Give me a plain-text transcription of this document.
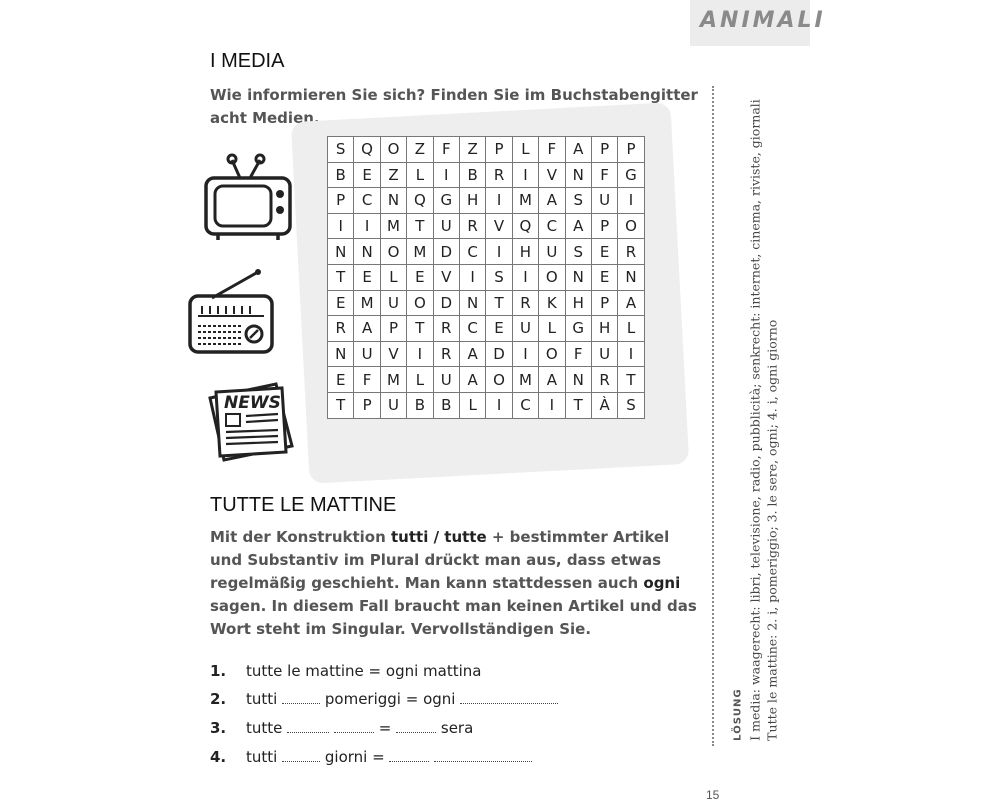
ANIMALI
I MEDIA

Wie informieren Sie sich? Finden Sie im Buchstabengitter acht Medien.

NEWS
S	Q	O	Z	F	Z	P	L	F	A	P	P
B	E	Z	L	I	B	R	I	V	N	F	G
P	C	N	Q	G	H	I	M	A	S	U	I
I	I	M	T	U	R	V	Q	C	A	P	O
N	N	O	M	D	C	I	H	U	S	E	R
T	E	L	E	V	I	S	I	O	N	E	N
E	M	U	O	D	N	T	R	K	H	P	A
R	A	P	T	R	C	E	U	L	G	H	L
N	U	V	I	R	A	D	I	O	F	U	I
E	F	M	L	U	A	O	M	A	N	R	T
T	P	U	B	B	L	I	C	I	T	À	S
TUTTE LE MATTINE

Mit der Konstruktion tutti / tutte + bestimmter Artikel und Substantiv im Plural drückt man aus, dass etwas regelmäßig geschieht. Man kann stattdessen auch ogni sagen. In diesem Fall braucht man keinen Artikel und das Wort steht im Singular. Vervollständigen Sie.

1. tutte le mattine = ogni mattina
2. tutti	pomeriggi = ogni
3. tutte	=	sera
4. tutti	giorni =
LÖSUNG I media: waagerecht: libri, televisione, radio, pubblicità; senkrecht: internet, cinema, riviste, giornali Tutte le mattine: 2. i, pomeriggio; 3. le sere, ogni; 4. i, ogni giorno
15
